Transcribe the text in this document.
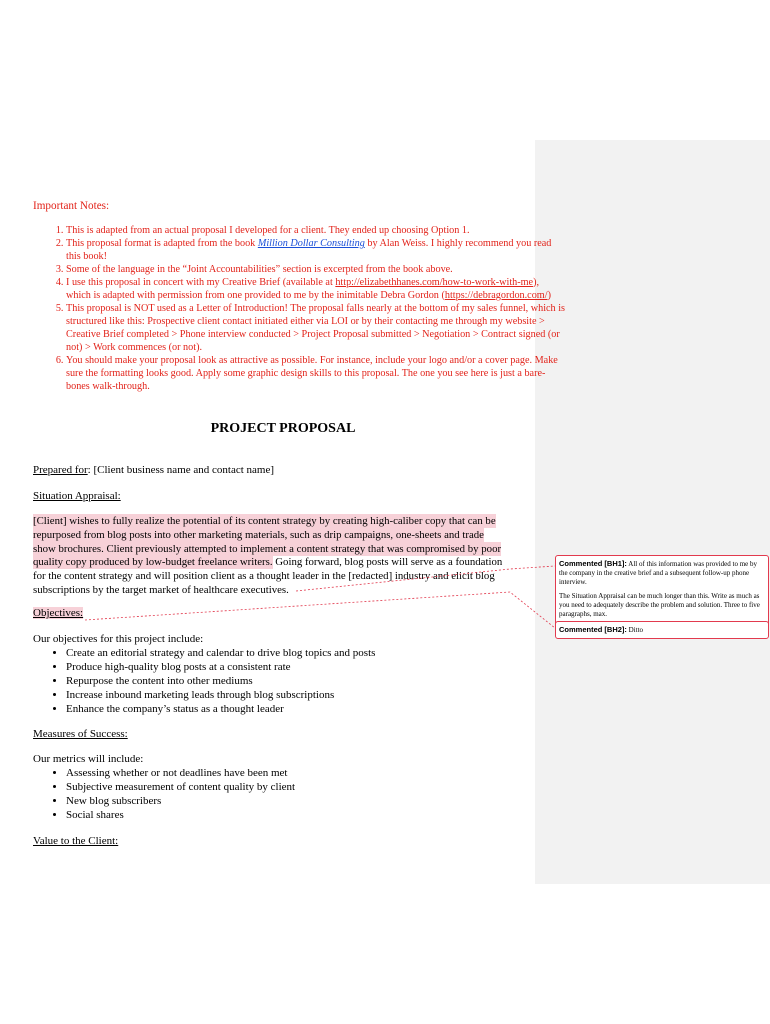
Important Notes:
1. This is adapted from an actual proposal I developed for a client. They ended up choosing Option 1.
2. This proposal format is adapted from the book Million Dollar Consulting by Alan Weiss. I highly recommend you read this book!
3. Some of the language in the “Joint Accountabilities” section is excerpted from the book above.
4. I use this proposal in concert with my Creative Brief (available at http://elizabethhanes.com/how-to-work-with-me), which is adapted with permission from one provided to me by the inimitable Debra Gordon (https://debragordon.com/)
5. This proposal is NOT used as a Letter of Introduction! The proposal falls nearly at the bottom of my sales funnel, which is structured like this: Prospective client contact initiated either via LOI or by their contacting me through my website > Creative Brief completed > Phone interview conducted > Project Proposal submitted > Negotiation > Contract signed (or not) > Work commences (or not).
6. You should make your proposal look as attractive as possible. For instance, include your logo and/or a cover page. Make sure the formatting looks good. Apply some graphic design skills to this proposal. The one you see here is just a bare-bones walk-through.
PROJECT PROPOSAL
Prepared for: [Client business name and contact name]
Situation Appraisal:
[Client] wishes to fully realize the potential of its content strategy by creating high-caliber copy that can be repurposed from blog posts into other marketing materials, such as drip campaigns, one-sheets and trade show brochures. Client previously attempted to implement a content strategy that was compromised by poor quality copy produced by low-budget freelance writers. Going forward, blog posts will serve as a foundation for the content strategy and will position client as a thought leader in the [redacted] industry and elicit blog subscriptions by the target market of healthcare executives.
Objectives:
Our objectives for this project include:
• Create an editorial strategy and calendar to drive blog topics and posts
• Produce high-quality blog posts at a consistent rate
• Repurpose the content into other mediums
• Increase inbound marketing leads through blog subscriptions
• Enhance the company’s status as a thought leader
Measures of Success:
Our metrics will include:
• Assessing whether or not deadlines have been met
• Subjective measurement of content quality by client
• New blog subscribers
• Social shares
Value to the Client:

Commented [BH1]: All of this information was provided to me by the company in the creative brief and a subsequent follow-up phone interview.

The Situation Appraisal can be much longer than this. Write as much as you need to adequately describe the problem and solution. Three to five paragraphs, max.

Commented [BH2]: Ditto
